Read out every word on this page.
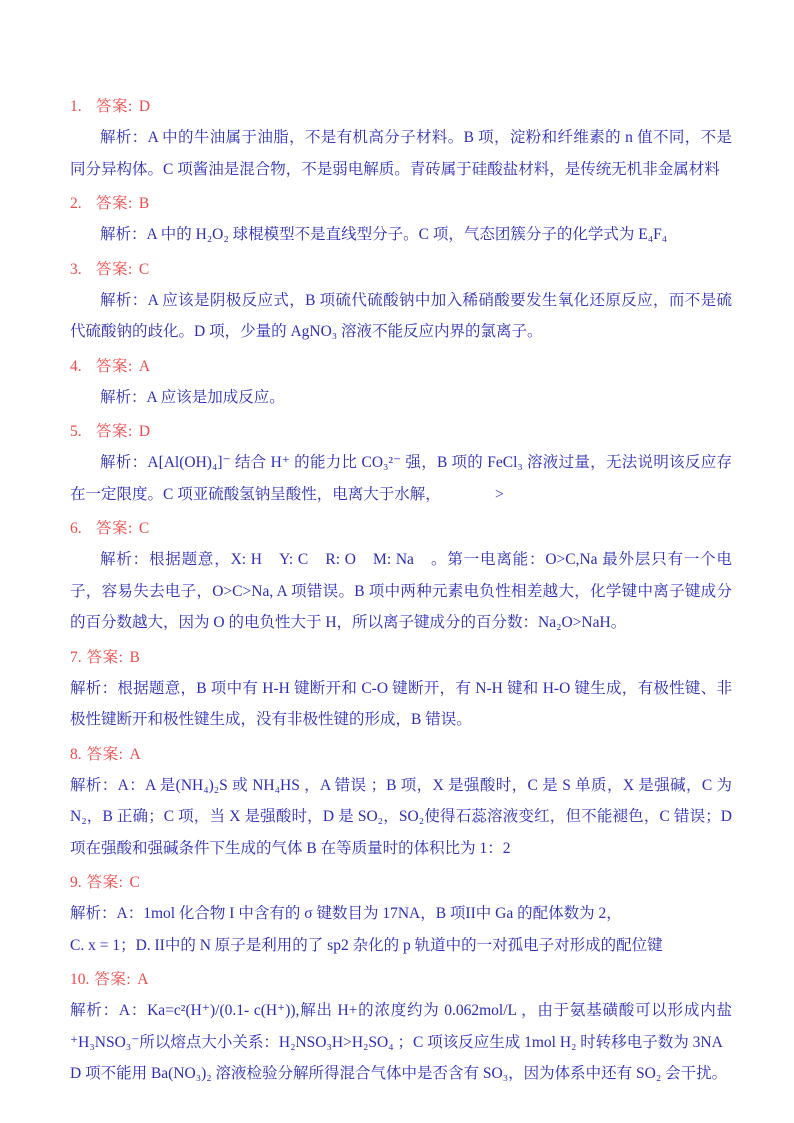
1. 答案: D

解析：A 中的牛油属于油脂，不是有机高分子材料。B 项，淀粉和纤维素的 n 值不同，不是同分异构体。C 项酱油是混合物，不是弱电解质。青砖属于硅酸盐材料，是传统无机非金属材料

2. 答案: B

解析：A 中的 H₂O₂ 球棍模型不是直线型分子。C 项，气态团簇分子的化学式为 E₄F₄

3. 答案: C

解析：A 应该是阴极反应式，B 项硫代硫酸钠中加入稀硝酸要发生氧化还原反应，而不是硫代硫酸钠的歧化。D 项，少量的 AgNO₃ 溶液不能反应内界的氯离子。

4. 答案: A

解析：A 应该是加成反应。

5. 答案: D

解析：A[Al(OH)₄]⁻ 结合 H⁺ 的能力比 CO₃²⁻ 强，B 项的 FeCl₃ 溶液过量，无法说明该反应存在一定限度。C 项亚硫酸氢钠呈酸性，电离大于水解，　　　　>

6. 答案: C

解析：根据题意，X: H　Y: C　R: O　M: Na　。第一电离能：O>C,Na 最外层只有一个电子，容易失去电子，O>C>Na, A 项错误。B 项中两种元素电负性相差越大，化学键中离子键成分的百分数越大，因为 O 的电负性大于 H，所以离子键成分的百分数：Na₂O>NaH。

7. 答案: B

解析：根据题意，B 项中有 H-H 键断开和 C-O 键断开，有 N-H 键和 H-O 键生成，有极性键、非极性键断开和极性键生成，没有非极性键的形成，B 错误。

8. 答案: A

解析：A：A 是(NH₄)₂S 或 NH₄HS ，A 错误 ；B 项，X 是强酸时，C 是 S 单质，X 是强碱，C 为 N₂，B 正确；C 项，当 X 是强酸时，D 是 SO₂，SO₂使得石蕊溶液变红，但不能褪色，C 错误；D 项在强酸和强碱条件下生成的气体 B 在等质量时的体积比为 1：2

9. 答案: C

解析：A：1mol 化合物 I 中含有的 σ 键数目为 17NA，B 项II中 Ga 的配体数为 2，

C. x = 1；D. II中的 N 原子是利用的了 sp2 杂化的 p 轨道中的一对孤电子对形成的配位键

10. 答案: A

解析：A：Ka=c²(H⁺)/(0.1- c(H⁺)),解出 H+的浓度约为 0.062mol/L ，由于氨基磺酸可以形成内盐⁺H₃NSO₃⁻所以熔点大小关系：H₂NSO₃H>H₂SO₄ ；C 项该反应生成 1mol H₂ 时转移电子数为 3NA

D 项不能用 Ba(NO₃)₂ 溶液检验分解所得混合气体中是否含有 SO₃，因为体系中还有 SO₂ 会干扰。
